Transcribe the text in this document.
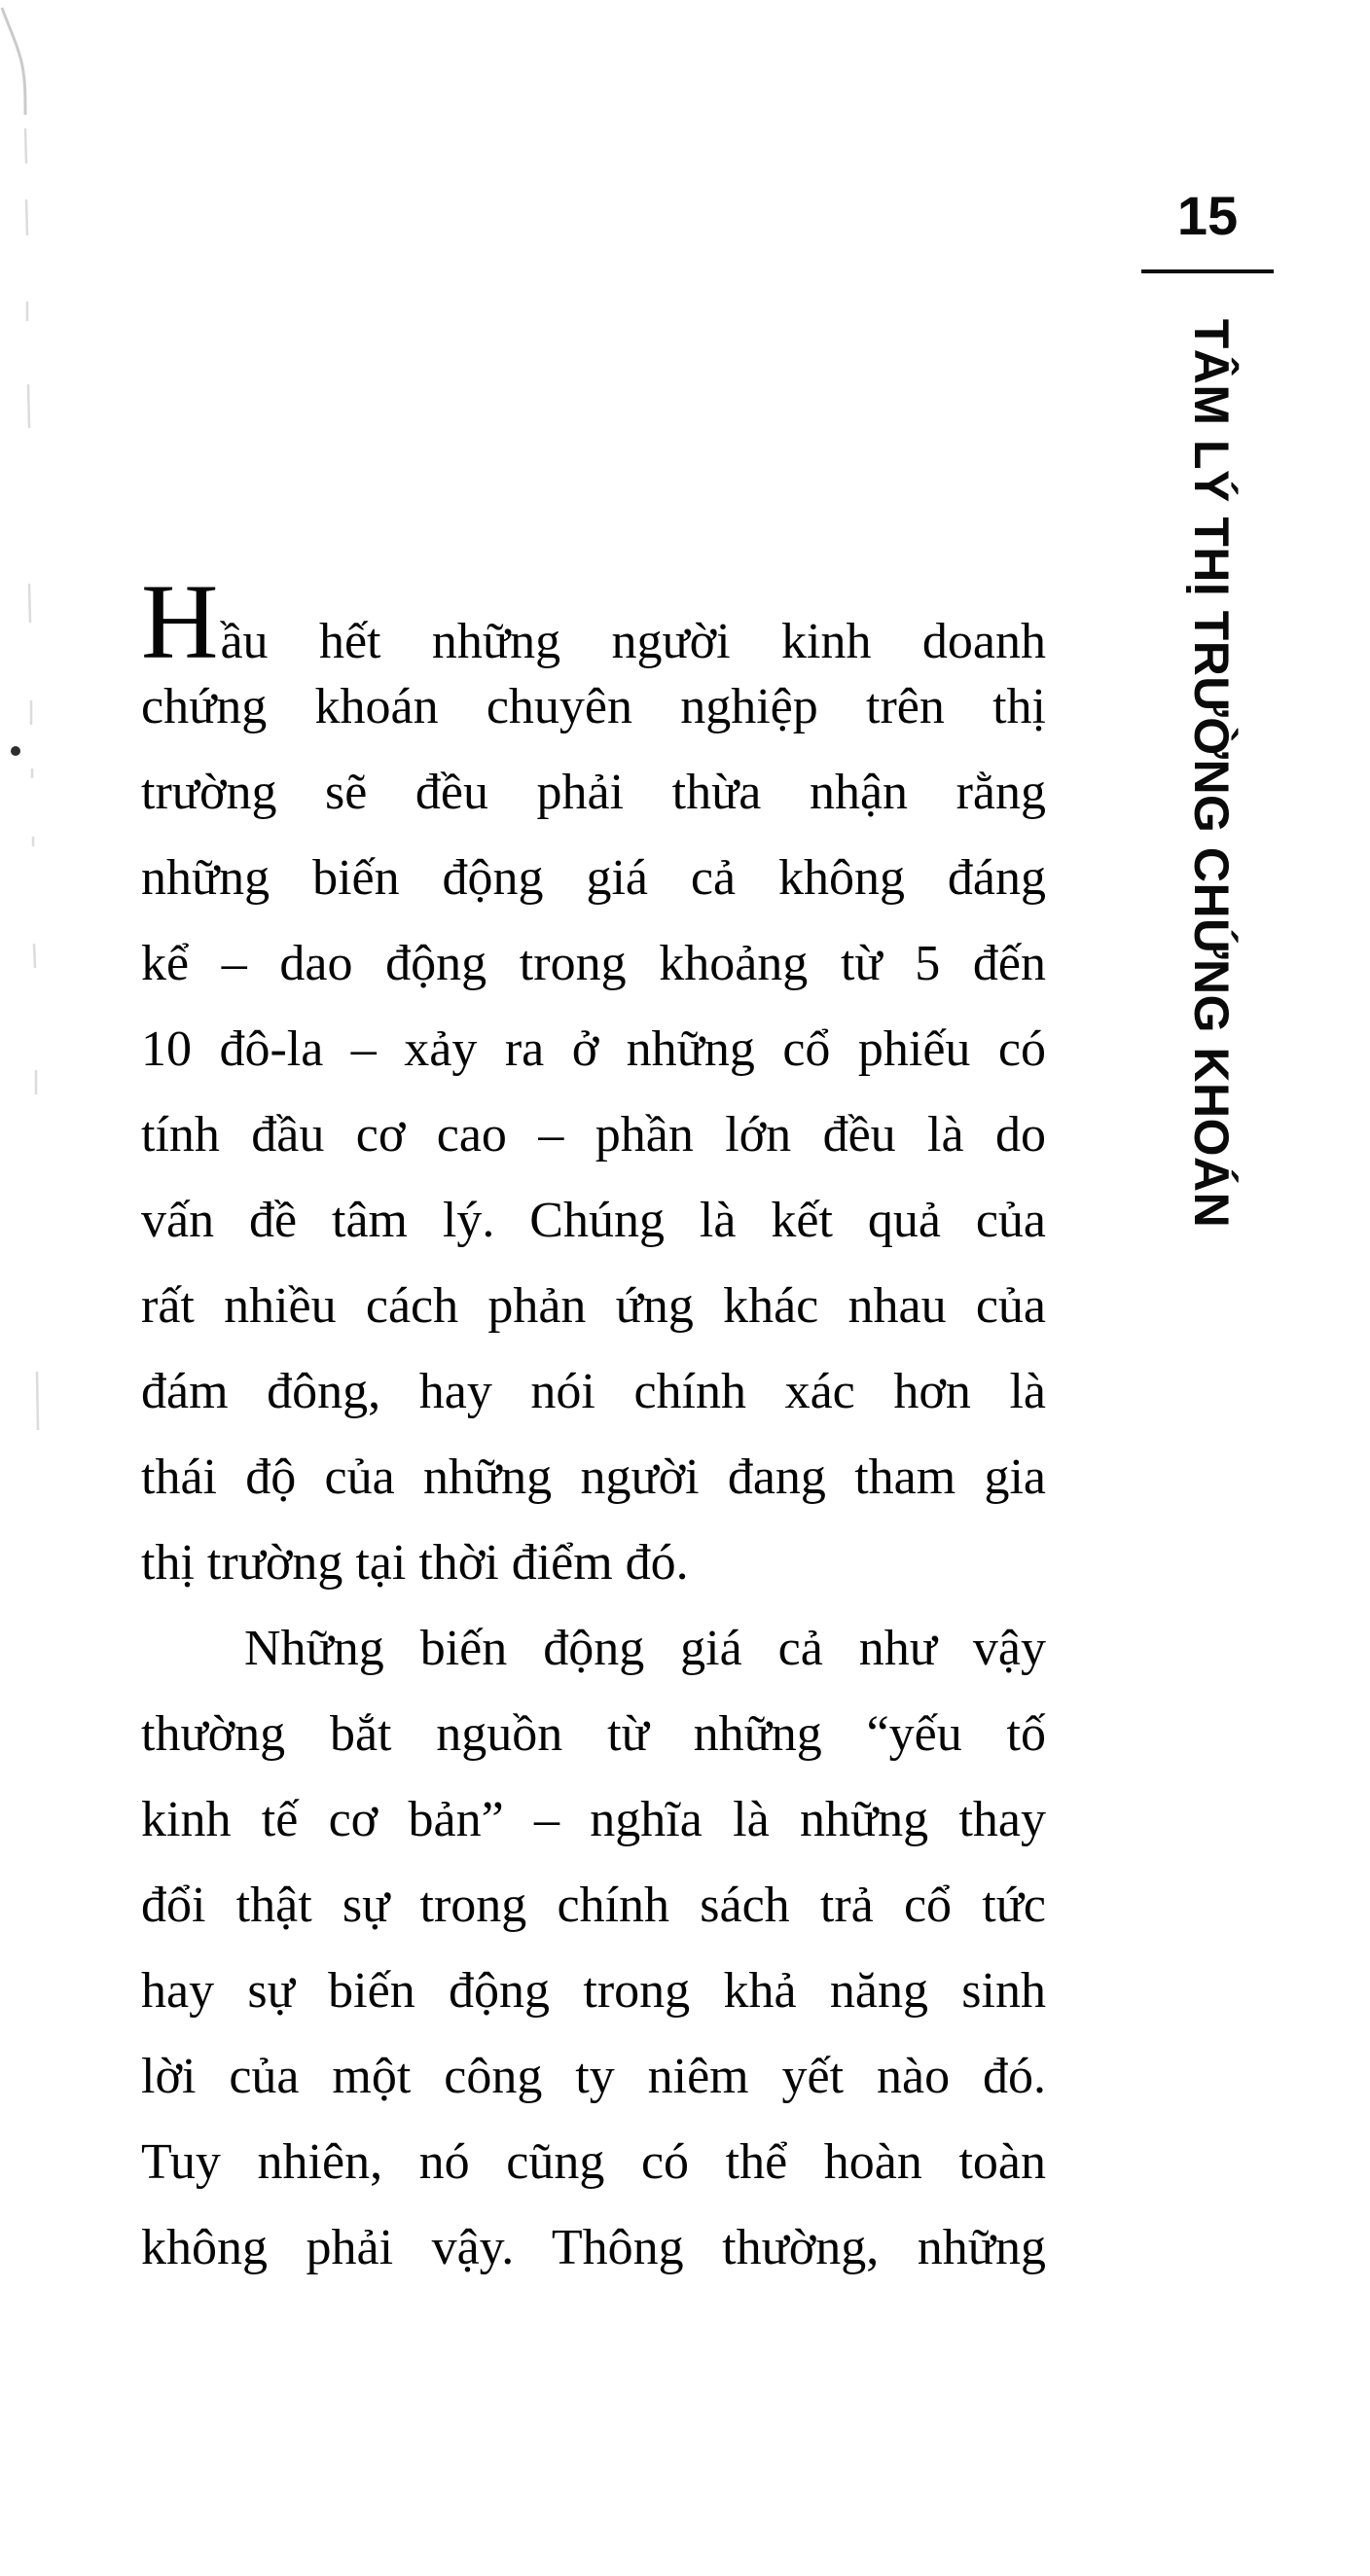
15
TÂM LÝ THỊ TRƯỜNG CHỨNG KHOÁN
Hầu hết những người kinh doanh
chứng khoán chuyên nghiệp trên thị
trường sẽ đều phải thừa nhận rằng
những biến động giá cả không đáng
kể – dao động trong khoảng từ 5 đến
10 đô-la – xảy ra ở những cổ phiếu có
tính đầu cơ cao – phần lớn đều là do
vấn đề tâm lý. Chúng là kết quả của
rất nhiều cách phản ứng khác nhau của
đám đông, hay nói chính xác hơn là
thái độ của những người đang tham gia
thị trường tại thời điểm đó.
Những biến động giá cả như vậy
thường bắt nguồn từ những “yếu tố
kinh tế cơ bản” – nghĩa là những thay
đổi thật sự trong chính sách trả cổ tức
hay sự biến động trong khả năng sinh
lời của một công ty niêm yết nào đó.
Tuy nhiên, nó cũng có thể hoàn toàn
không phải vậy. Thông thường, những
